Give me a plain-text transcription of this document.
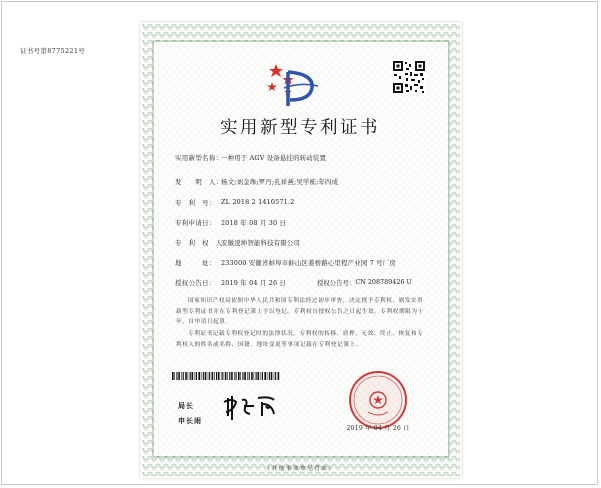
证书号第8775221号
实用新型专利证书
实用新型名称：
一种用于 AGV 设备悬挂的转动装置
发　　明　人：
杨文;刘金珠;罗丹;孔祥燕;吴学栋;年四成
专　利　号： ZL 2018 2 1410571.2
专利申请日： 2018 年 08 月 30 日
专　利　权　人：
安徽凌坤智能科技有限公司
地　　　址： 233000 安徽省蚌埠市蚌山区姜桥路心里程产业园 7 号厂房
授权公告日： 2019 年 04 月 26 日	授权公告号： CN 208789426 U
国家知识产权局依照中华人民共和国专利法经过初步审查，决定授予专利权，颁发实用新型专利证书并在专利登记簿上予以登记。专利权自授权公告之日起生效。专利权期限为十年，自申请日起算。
专利证书记载专利权登记时的法律状况。专利权的转移、质押、无效、终止、恢复和专利权人的姓名或名称、国籍、地址变更等事项记载在专利登记簿上。
局长
申长雨
2019 年 04 月 26 日
（其他事项参见背面）
